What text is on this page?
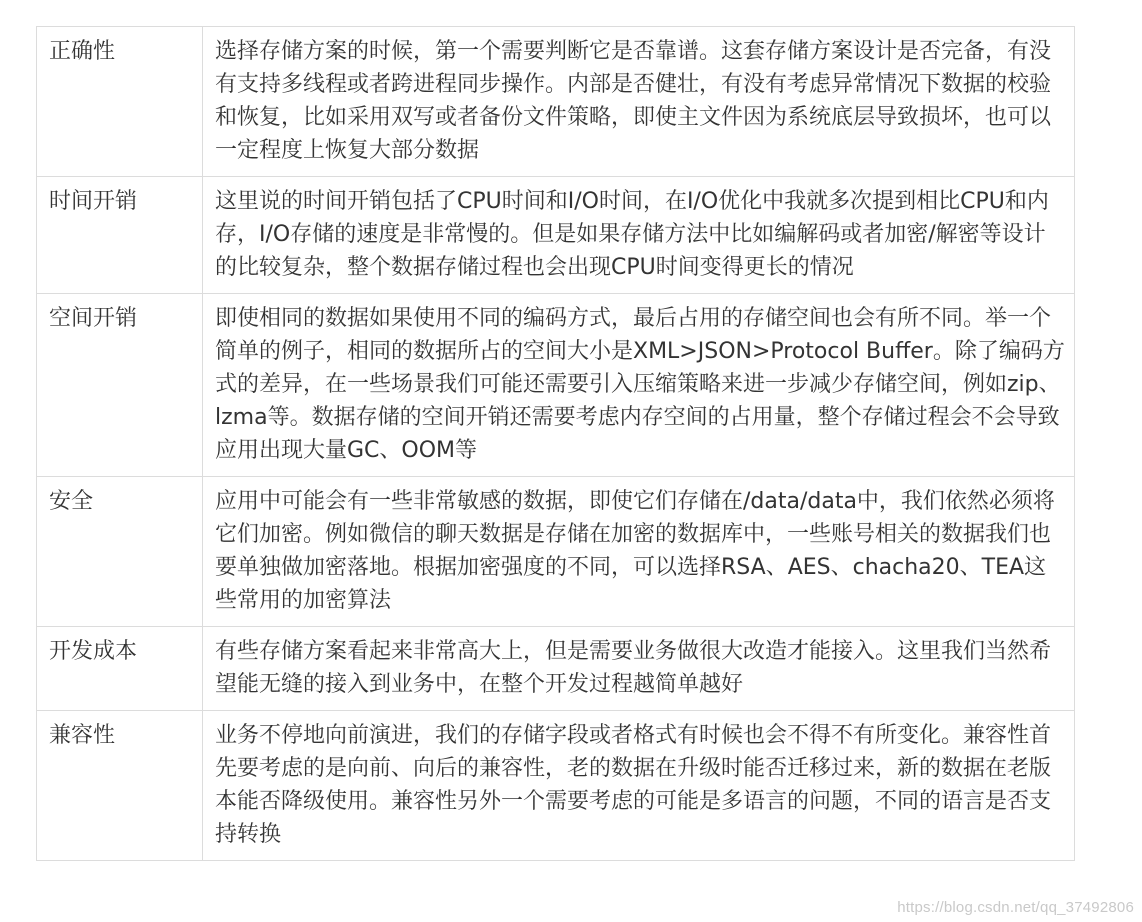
正确性	选择存储方案的时候，第一个需要判断它是否靠谱。这套存储方案设计是否完备，有没有支持多线程或者跨进程同步操作。内部是否健壮，有没有考虑异常情况下数据的校验和恢复，比如采用双写或者备份文件策略，即使主文件因为系统底层导致损坏，也可以一定程度上恢复大部分数据
时间开销	这里说的时间开销包括了CPU时间和I/O时间，在I/O优化中我就多次提到相比CPU和内存，I/O存储的速度是非常慢的。但是如果存储方法中比如编解码或者加密/解密等设计的比较复杂，整个数据存储过程也会出现CPU时间变得更长的情况
空间开销	即使相同的数据如果使用不同的编码方式，最后占用的存储空间也会有所不同。举一个简单的例子，相同的数据所占的空间大小是XML>JSON>Protocol Buffer。除了编码方式的差异，在一些场景我们可能还需要引入压缩策略来进一步减少存储空间，例如zip、lzma等。数据存储的空间开销还需要考虑内存空间的占用量，整个存储过程会不会导致应用出现大量GC、OOM等
安全	应用中可能会有一些非常敏感的数据，即使它们存储在/data/data中，我们依然必须将它们加密。例如微信的聊天数据是存储在加密的数据库中，一些账号相关的数据我们也要单独做加密落地。根据加密强度的不同，可以选择RSA、AES、chacha20、TEA这些常用的加密算法
开发成本	有些存储方案看起来非常高大上，但是需要业务做很大改造才能接入。这里我们当然希望能无缝的接入到业务中，在整个开发过程越简单越好
兼容性	业务不停地向前演进，我们的存储字段或者格式有时候也会不得不有所变化。兼容性首先要考虑的是向前、向后的兼容性，老的数据在升级时能否迁移过来，新的数据在老版本能否降级使用。兼容性另外一个需要考虑的可能是多语言的问题，不同的语言是否支持转换
https://blog.csdn.net/qq_37492806
